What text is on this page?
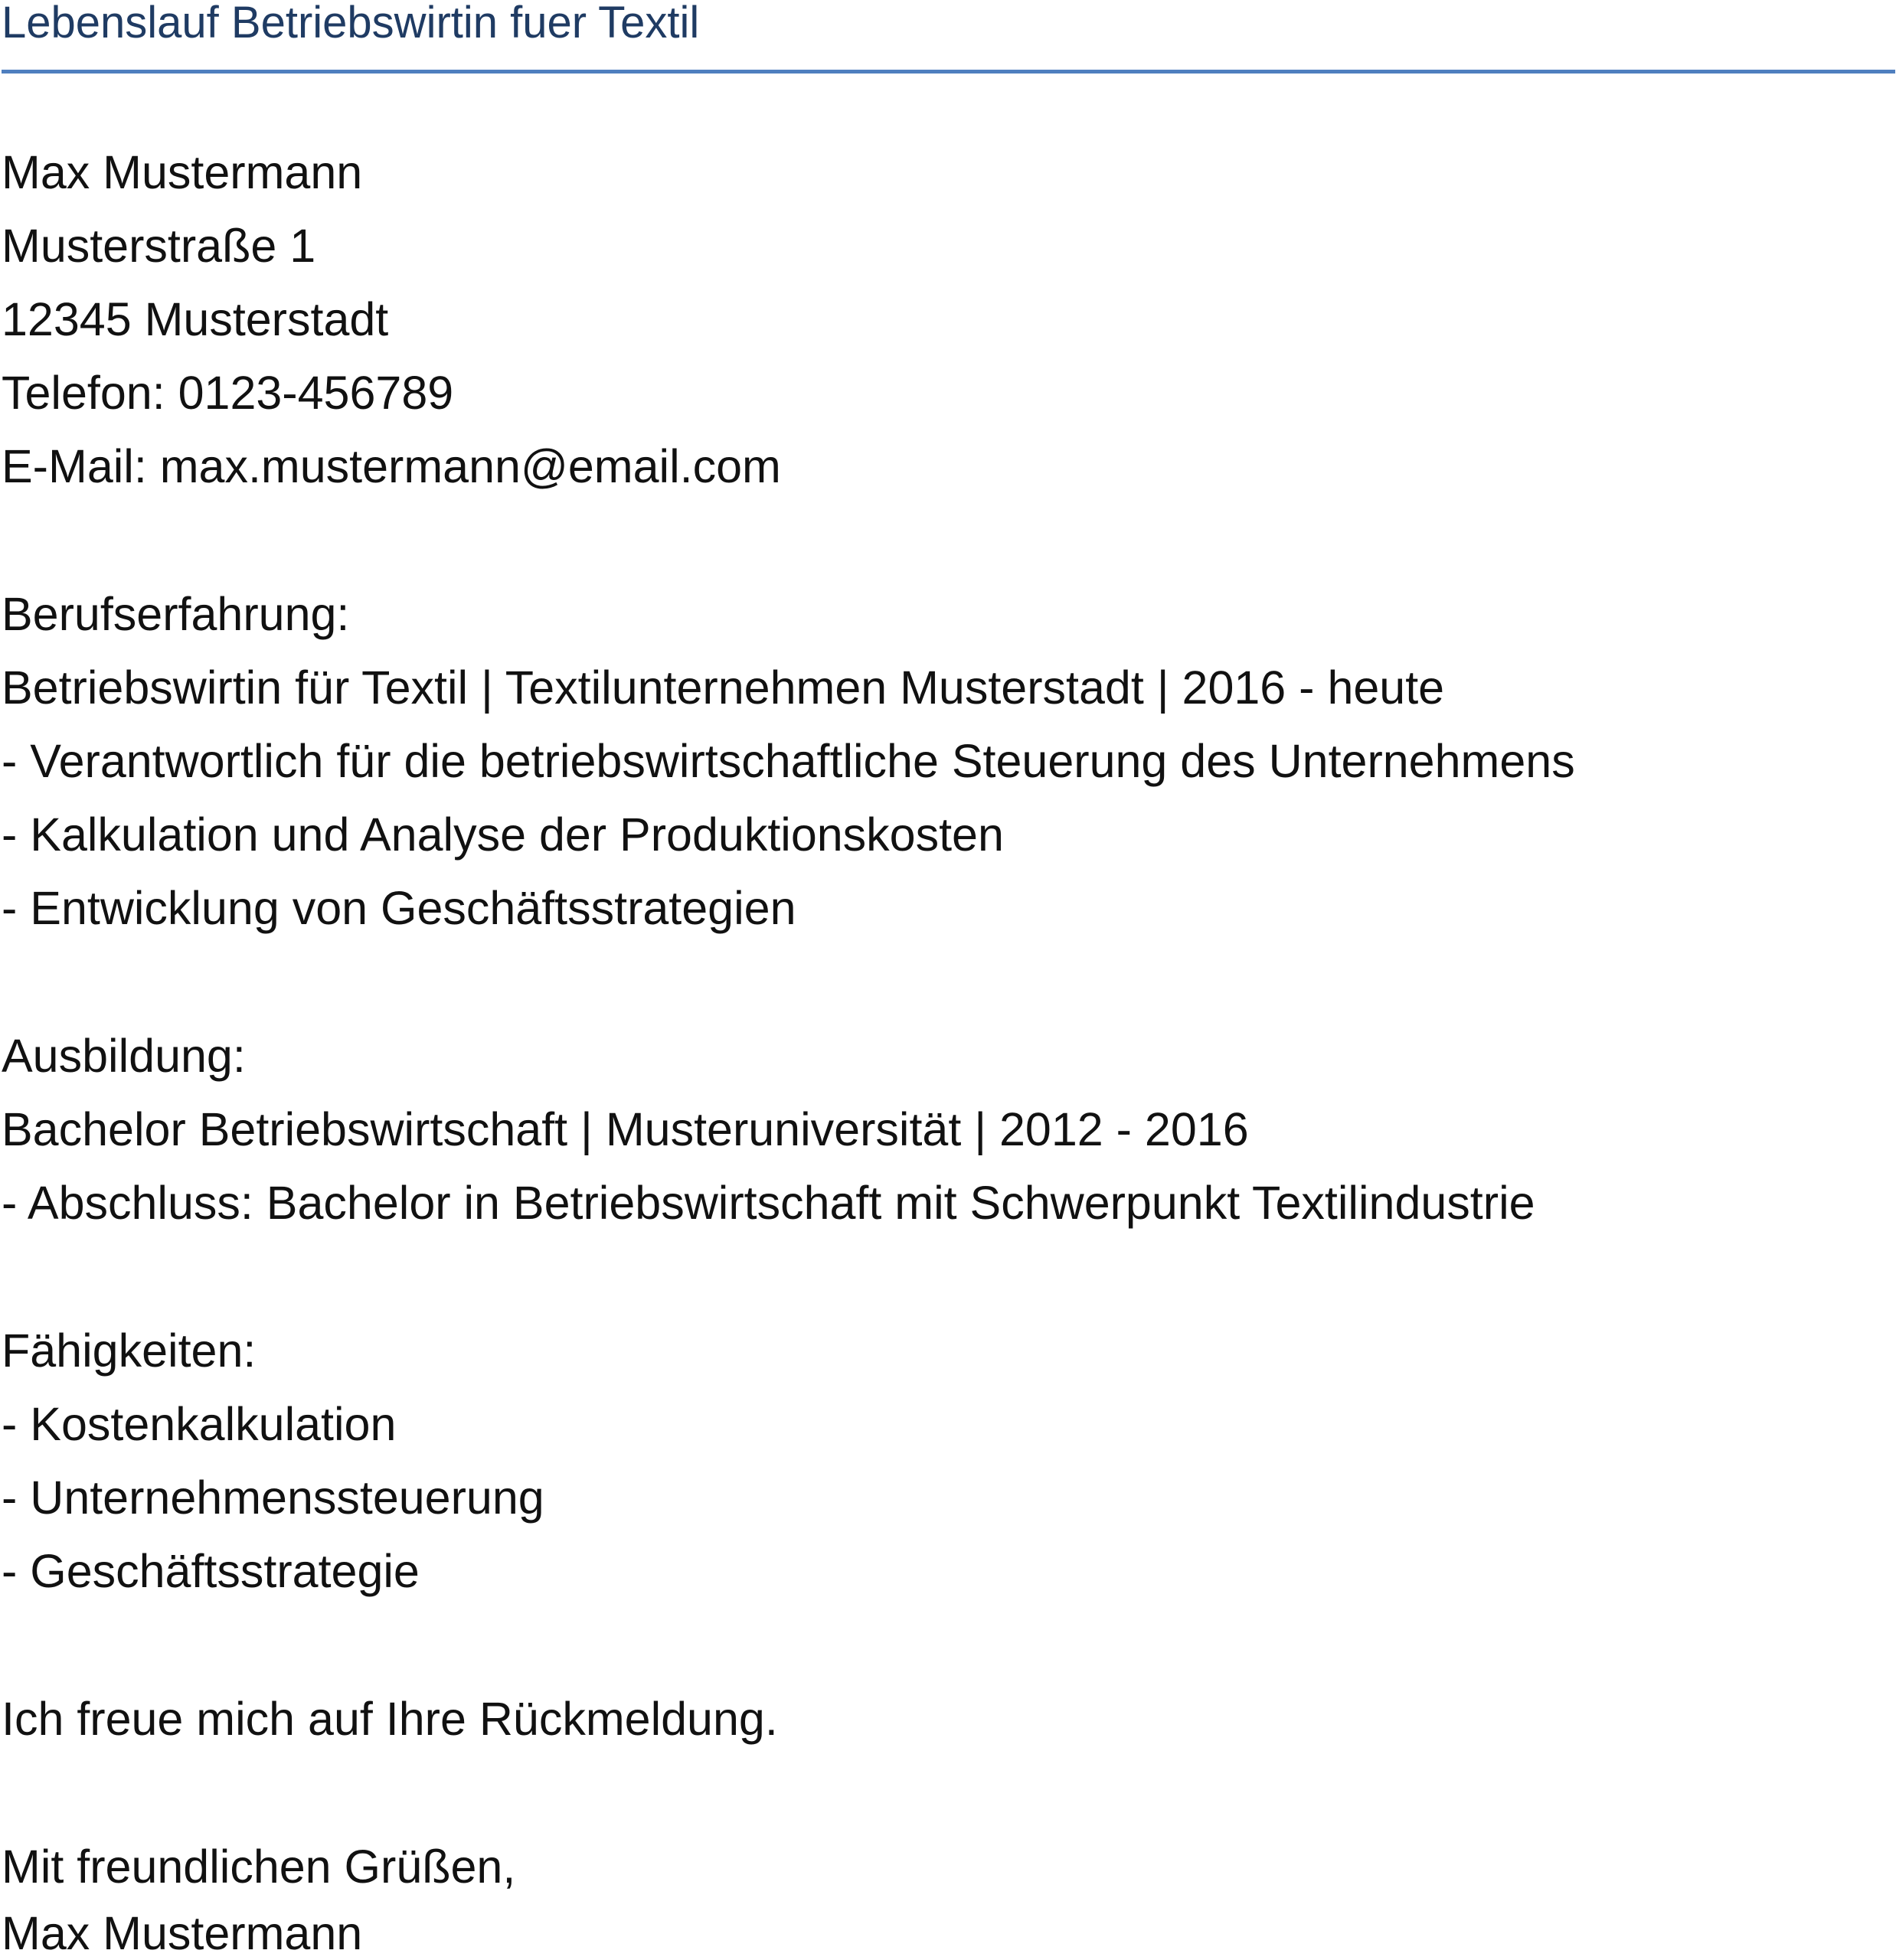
Lebenslauf Betriebswirtin fuer Textil
Max Mustermann
Musterstraße 1
12345 Musterstadt
Telefon: 0123-456789
E-Mail: max.mustermann@email.com
Berufserfahrung:
Betriebswirtin für Textil | Textilunternehmen Musterstadt | 2016 - heute
- Verantwortlich für die betriebswirtschaftliche Steuerung des Unternehmens
- Kalkulation und Analyse der Produktionskosten
- Entwicklung von Geschäftsstrategien
Ausbildung:
Bachelor Betriebswirtschaft | Musteruniversität | 2012 - 2016
- Abschluss: Bachelor in Betriebswirtschaft mit Schwerpunkt Textilindustrie
Fähigkeiten:
- Kostenkalkulation
- Unternehmenssteuerung
- Geschäftsstrategie
Ich freue mich auf Ihre Rückmeldung.
Mit freundlichen Grüßen,
Max Mustermann
